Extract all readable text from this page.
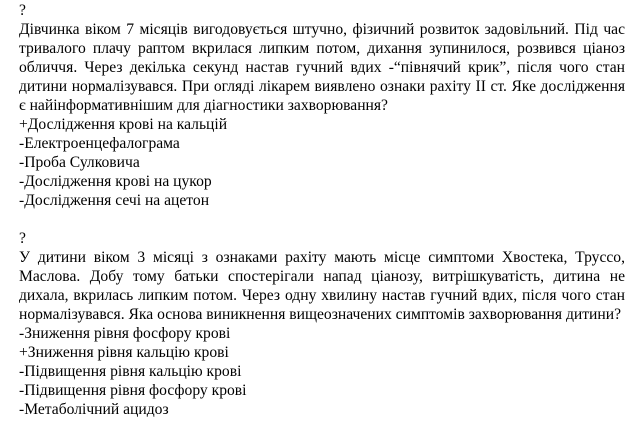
?
Дівчинка віком 7 місяців вигодовується штучно, фізичний розвиток задовільний. Під час тривалого плачу раптом вкрилася липким потом, дихання зупинилося, розвився ціаноз обличчя. Через декілька секунд настав гучний вдих -“півнячий крик”, після чого стан дитини нормалізувався. При огляді лікарем виявлено ознаки рахіту II ст. Яке дослідження є найінформативнішим для діагностики захворювання?
+Дослідження крові на кальцій
-Електроенцефалограма
-Проба Сулковича
-Дослідження крові на цукор
-Дослідження сечі на ацетон
?
У дитини віком 3 місяці з ознаками рахіту мають місце симптоми Хвостека, Труссо, Маслова. Добу тому батьки спостерігали напад ціанозу, витрішкуватість, дитина не дихала, вкрилась липким потом. Через одну хвилину настав гучний вдих, після чого стан нормалізувався. Яка основа виникнення вищеозначених симптомів захворювання дитини?
-Зниження рівня фосфору крові
+Зниження рівня кальцію крові
-Підвищення рівня кальцію крові
-Підвищення рівня фосфору крові
-Метаболічний ацидоз
